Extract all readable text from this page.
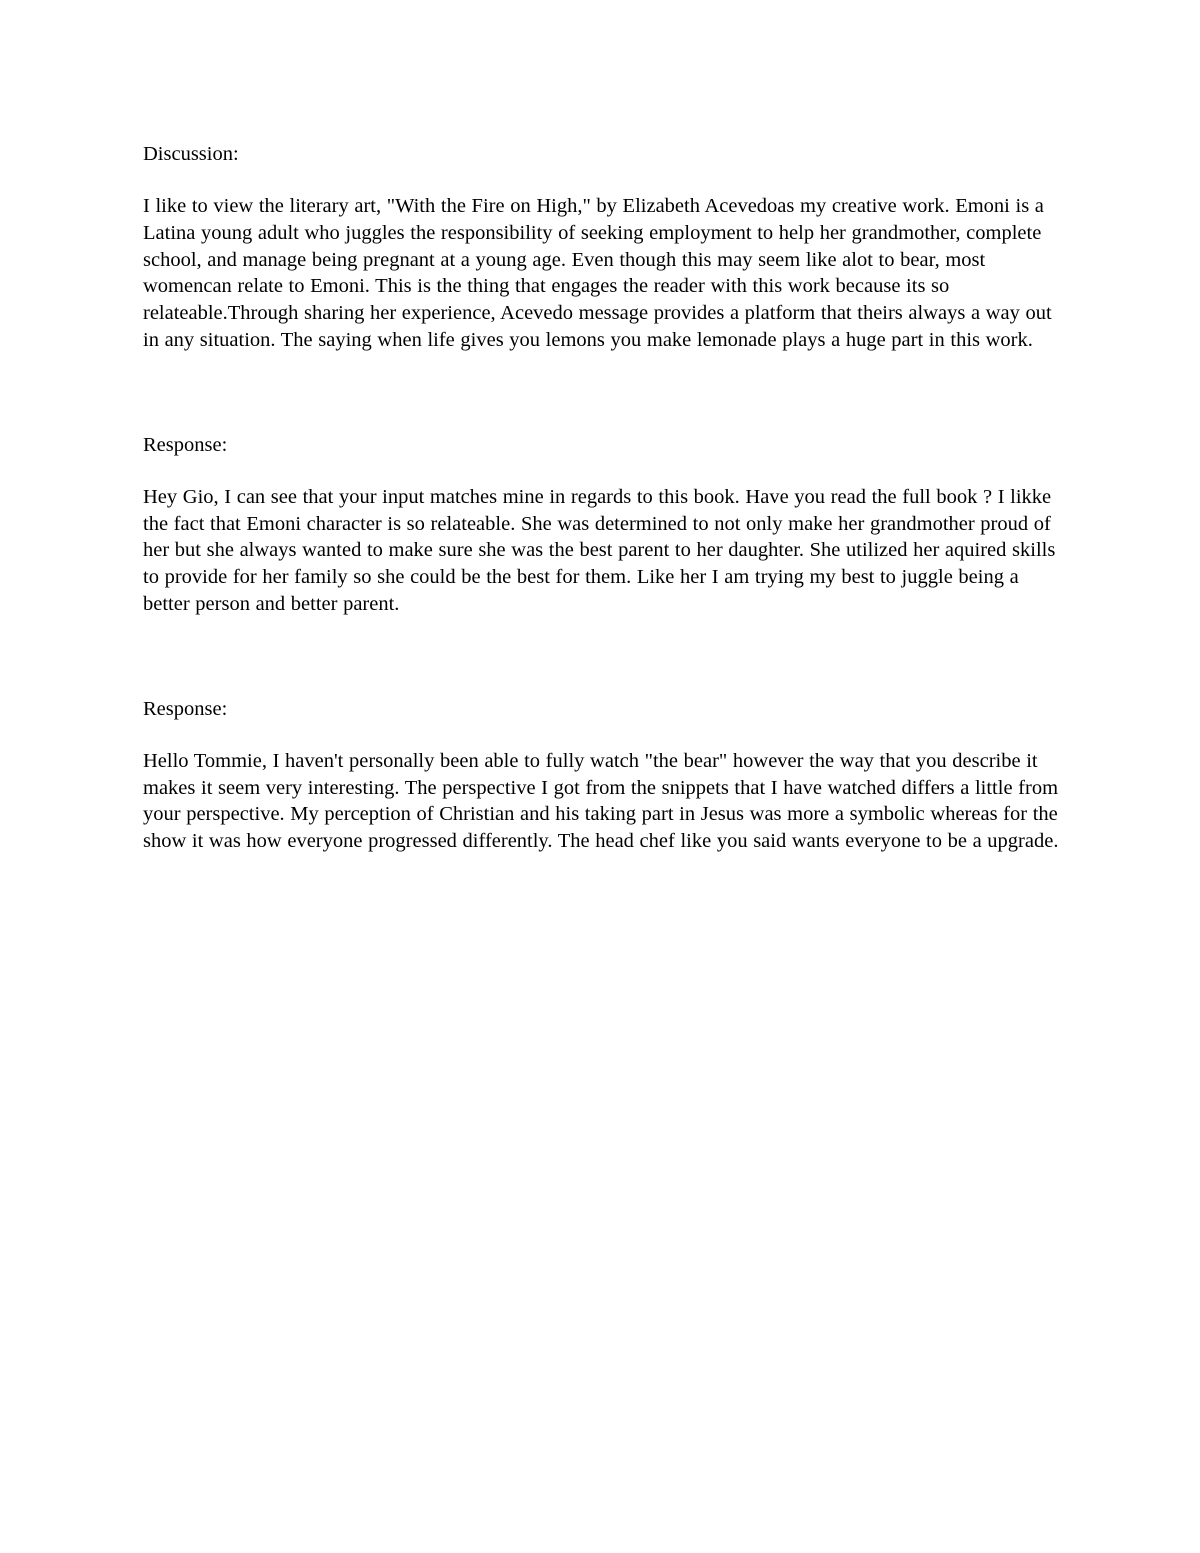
Discussion:
I like to view the literary art, "With the Fire on High," by Elizabeth Acevedoas my creative work. Emoni is a Latina young adult who juggles the responsibility of seeking employment to help her grandmother, complete school, and manage being pregnant at a young age. Even though this may seem like alot to bear, most womencan relate to Emoni. This is the thing that engages the reader with this work because its so relateable.Through sharing her experience, Acevedo message provides a platform that theirs always a way out in any situation. The saying when life gives you lemons you make lemonade plays a huge part in this work.
Response:
Hey Gio, I can see that your input matches mine in regards to this book. Have you read the full book ? I likke the fact that Emoni character is so relateable. She was determined to not only make her grandmother proud of her but she always wanted to make sure she was the best parent to her daughter. She utilized her aquired skills to provide for her family so she could be the best for them. Like her I am trying my best to juggle being a better person and better parent.
Response:
Hello Tommie, I haven't personally been able to fully watch "the bear" however the way that you describe it makes it seem very interesting. The perspective I got from the snippets that I have watched differs a little from your perspective. My perception of Christian and his taking part in Jesus was more a symbolic whereas for the show it was how everyone progressed differently. The head chef like you said wants everyone to be a upgrade.
